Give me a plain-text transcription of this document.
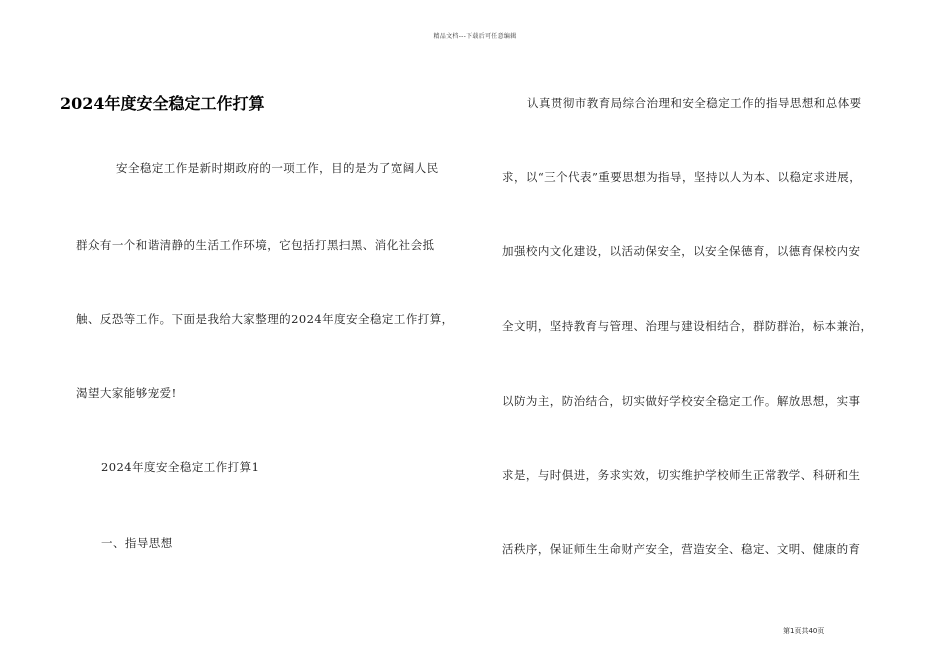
精品文档---下载后可任意编辑
2024年度安全稳定工作打算
安全稳定工作是新时期政府的一项工作，目的是为了宽阔人民
群众有一个和谐清静的生活工作环境，它包括打黑扫黑、消化社会抵
触、反恐等工作。下面是我给大家整理的2024年度安全稳定工作打算，
渴望大家能够宠爱!
2024年度安全稳定工作打算1
一、指导思想
认真贯彻市教育局综合治理和安全稳定工作的指导思想和总体要
求，以“三个代表”重要思想为指导，坚持以人为本、以稳定求进展，
加强校内文化建设，以活动保安全，以安全保德育，以德育保校内安
全文明，坚持教育与管理、治理与建设相结合，群防群治，标本兼治，
以防为主，防治结合，切实做好学校安全稳定工作。解放思想，实事
求是，与时俱进，务求实效，切实维护学校师生正常教学、科研和生
活秩序，保证师生生命财产安全，营造安全、稳定、文明、健康的育
第1页共40页
